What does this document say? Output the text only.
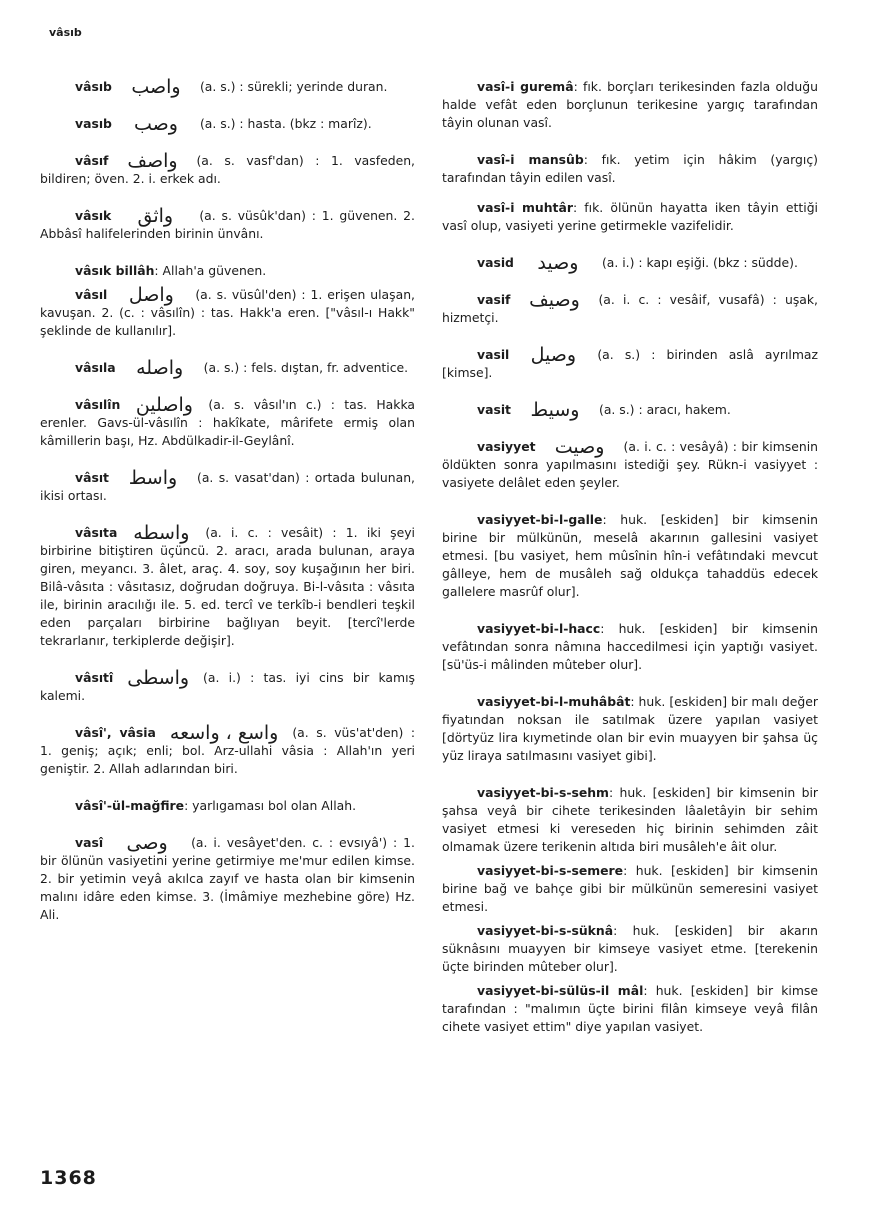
vâsıb
vâsıb واصب (a. s.) : sürekli; yerinde duran.
vasıb وصب (a. s.) : hasta. (bkz : marîz).
vâsıf واصف (a. s. vasf'dan) : 1. vasfeden, bildiren; öven. 2. i. erkek adı.
vâsık واثق (a. s. vüsûk'dan) : 1. güvenen. 2. Abbâsî halifelerinden birinin ünvânı.
vâsık billâh: Allah'a güvenen.
vâsıl واصل (a. s. vüsûl'den) : 1. erişen ulaşan, kavuşan. 2. (c. : vâsılîn) : tas. Hakk'a eren. ["vâsıl-ı Hakk" şeklinde de kullanılır].
vâsıla واصله (a. s.) : fels. dıştan, fr. adventice.
vâsılîn واصلين (a. s. vâsıl'ın c.) : tas. Hakka erenler. Gavs-ül-vâsılîn : hakîkate, mârifete ermiş olan kâmillerin başı, Hz. Abdülkadir-il-Geylânî.
vâsıt واسط (a. s. vasat'dan) : ortada bulunan, ikisi ortası.
vâsıta واسطه (a. i. c. : vesâit) : 1. iki şeyi birbirine bitiştiren üçüncü. 2. aracı, arada bulunan, araya giren, meyancı. 3. âlet, araç. 4. soy, soy kuşağının her biri. Bilâ-vâsıta : vâsıtasız, doğrudan doğruya. Bi-l-vâsıta : vâsıta ile, birinin aracılığı ile. 5. ed. tercî ve terkîb-i bendleri teşkil eden parçaları birbirine bağlıyan beyit. [tercî'lerde tekrarlanır, terkiplerde değişir].
vâsıtî واسطى (a. i.) : tas. iyi cins bir kamış kalemi.
vâsî', vâsia واسع ، واسعه (a. s. vüs'at'den) : 1. geniş; açık; enli; bol. Arz-ullahi vâsia : Allah'ın yeri geniştir. 2. Allah adlarından biri.
vâsî'-ül-mağfire: yarlıgaması bol olan Allah.
vasî وصى (a. i. vesâyet'den. c. : evsıyâ') : 1. bir ölünün vasiyetini yerine getirmiye me'mur edilen kimse. 2. bir yetimin veyâ akılca zayıf ve hasta olan bir kimsenin malını idâre eden kimse. 3. (İmâmiye mezhebine göre) Hz. Ali.
vasî-i guremâ: fık. borçları terikesinden fazla olduğu halde vefât eden borçlunun terikesine yargıç tarafından tâyin olunan vasî.
vasî-i mansûb: fık. yetim için hâkim (yargıç) tarafından tâyin edilen vasî.
vasî-i muhtâr: fık. ölünün hayatta iken tâyin ettiği vasî olup, vasiyeti yerine getirmekle vazifelidir.
vasid وصيد (a. i.) : kapı eşiği. (bkz : südde).
vasif وصيف (a. i. c. : vesâif, vusafâ) : uşak, hizmetçi.
vasil وصيل (a. s.) : birinden aslâ ayrılmaz [kimse].
vasit وسيط (a. s.) : aracı, hakem.
vasiyyet وصيت (a. i. c. : vesâyâ) : bir kimsenin öldükten sonra yapılmasını istediği şey. Rükn-i vasiyyet : vasiyete delâlet eden şeyler.
vasiyyet-bi-l-galle: huk. [eskiden] bir kimsenin birine bir mülkünün, meselâ akarının gallesini vasiyet etmesi. [bu vasiyet, hem mûsînin hîn-i vefâtındaki mevcut gâlleye, hem de musâleh sağ oldukça tahaddüs edecek gallelere masrûf olur].
vasiyyet-bi-l-hacc: huk. [eskiden] bir kimsenin vefâtından sonra nâmına haccedilmesi için yaptığı vasiyet. [sü'üs-i mâlinden mûteber olur].
vasiyyet-bi-l-muhâbât: huk. [eskiden] bir malı değer fiyatından noksan ile satılmak üzere yapılan vasiyet [dörtyüz lira kıymetinde olan bir evin muayyen bir şahsa üç yüz liraya satılmasını vasiyet gibi].
vasiyyet-bi-s-sehm: huk. [eskiden] bir kimsenin bir şahsa veyâ bir cihete terikesinden lâaletâyin bir sehim vasiyet etmesi ki vereseden hiç birinin sehimden zâit olmamak üzere terikenin altıda biri musâleh'e âit olur.
vasiyyet-bi-s-semere: huk. [eskiden] bir kimsenin birine bağ ve bahçe gibi bir mülkünün semeresini vasiyet etmesi.
vasiyyet-bi-s-süknâ: huk. [eskiden] bir akarın süknâsını muayyen bir kimseye vasiyet etme. [terekenin üçte birinden mûteber olur].
vasiyyet-bi-sülüs-il mâl: huk. [eskiden] bir kimse tarafından : "malımın üçte birini filân kimseye veyâ filân cihete vasiyet ettim" diye yapılan vasiyet.
1368
